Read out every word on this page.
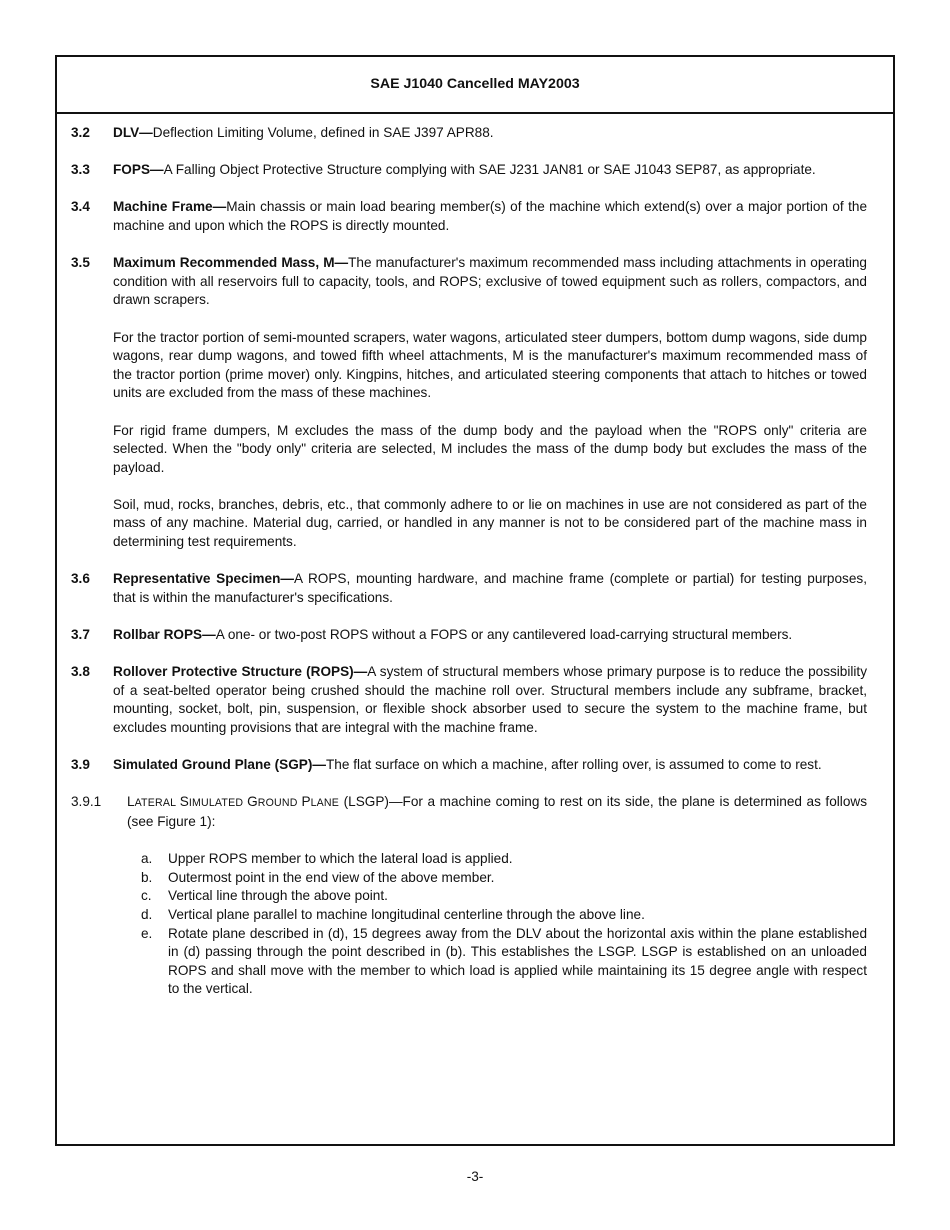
SAE J1040 Cancelled MAY2003
3.2	DLV—Deflection Limiting Volume, defined in SAE J397 APR88.
3.3	FOPS—A Falling Object Protective Structure complying with SAE J231 JAN81 or SAE J1043 SEP87, as appropriate.
3.4	Machine Frame—Main chassis or main load bearing member(s) of the machine which extend(s) over a major portion of the machine and upon which the ROPS is directly mounted.
3.5	Maximum Recommended Mass, M—The manufacturer's maximum recommended mass including attachments in operating condition with all reservoirs full to capacity, tools, and ROPS; exclusive of towed equipment such as rollers, compactors, and drawn scrapers.
For the tractor portion of semi-mounted scrapers, water wagons, articulated steer dumpers, bottom dump wagons, side dump wagons, rear dump wagons, and towed fifth wheel attachments, M is the manufacturer's maximum recommended mass of the tractor portion (prime mover) only. Kingpins, hitches, and articulated steering components that attach to hitches or towed units are excluded from the mass of these machines.
For rigid frame dumpers, M excludes the mass of the dump body and the payload when the "ROPS only" criteria are selected. When the "body only" criteria are selected, M includes the mass of the dump body but excludes the mass of the payload.
Soil, mud, rocks, branches, debris, etc., that commonly adhere to or lie on machines in use are not considered as part of the mass of any machine. Material dug, carried, or handled in any manner is not to be considered part of the machine mass in determining test requirements.
3.6	Representative Specimen—A ROPS, mounting hardware, and machine frame (complete or partial) for testing purposes, that is within the manufacturer's specifications.
3.7	Rollbar ROPS—A one- or two-post ROPS without a FOPS or any cantilevered load-carrying structural members.
3.8	Rollover Protective Structure (ROPS)—A system of structural members whose primary purpose is to reduce the possibility of a seat-belted operator being crushed should the machine roll over. Structural members include any subframe, bracket, mounting, socket, bolt, pin, suspension, or flexible shock absorber used to secure the system to the machine frame, but excludes mounting provisions that are integral with the machine frame.
3.9	Simulated Ground Plane (SGP)—The flat surface on which a machine, after rolling over, is assumed to come to rest.
3.9.1	LATERAL SIMULATED GROUND PLANE (LSGP)—For a machine coming to rest on its side, the plane is determined as follows (see Figure 1):
a.	Upper ROPS member to which the lateral load is applied.
b.	Outermost point in the end view of the above member.
c.	Vertical line through the above point.
d.	Vertical plane parallel to machine longitudinal centerline through the above line.
e.	Rotate plane described in (d), 15 degrees away from the DLV about the horizontal axis within the plane established in (d) passing through the point described in (b). This establishes the LSGP. LSGP is established on an unloaded ROPS and shall move with the member to which load is applied while maintaining its 15 degree angle with respect to the vertical.
-3-
